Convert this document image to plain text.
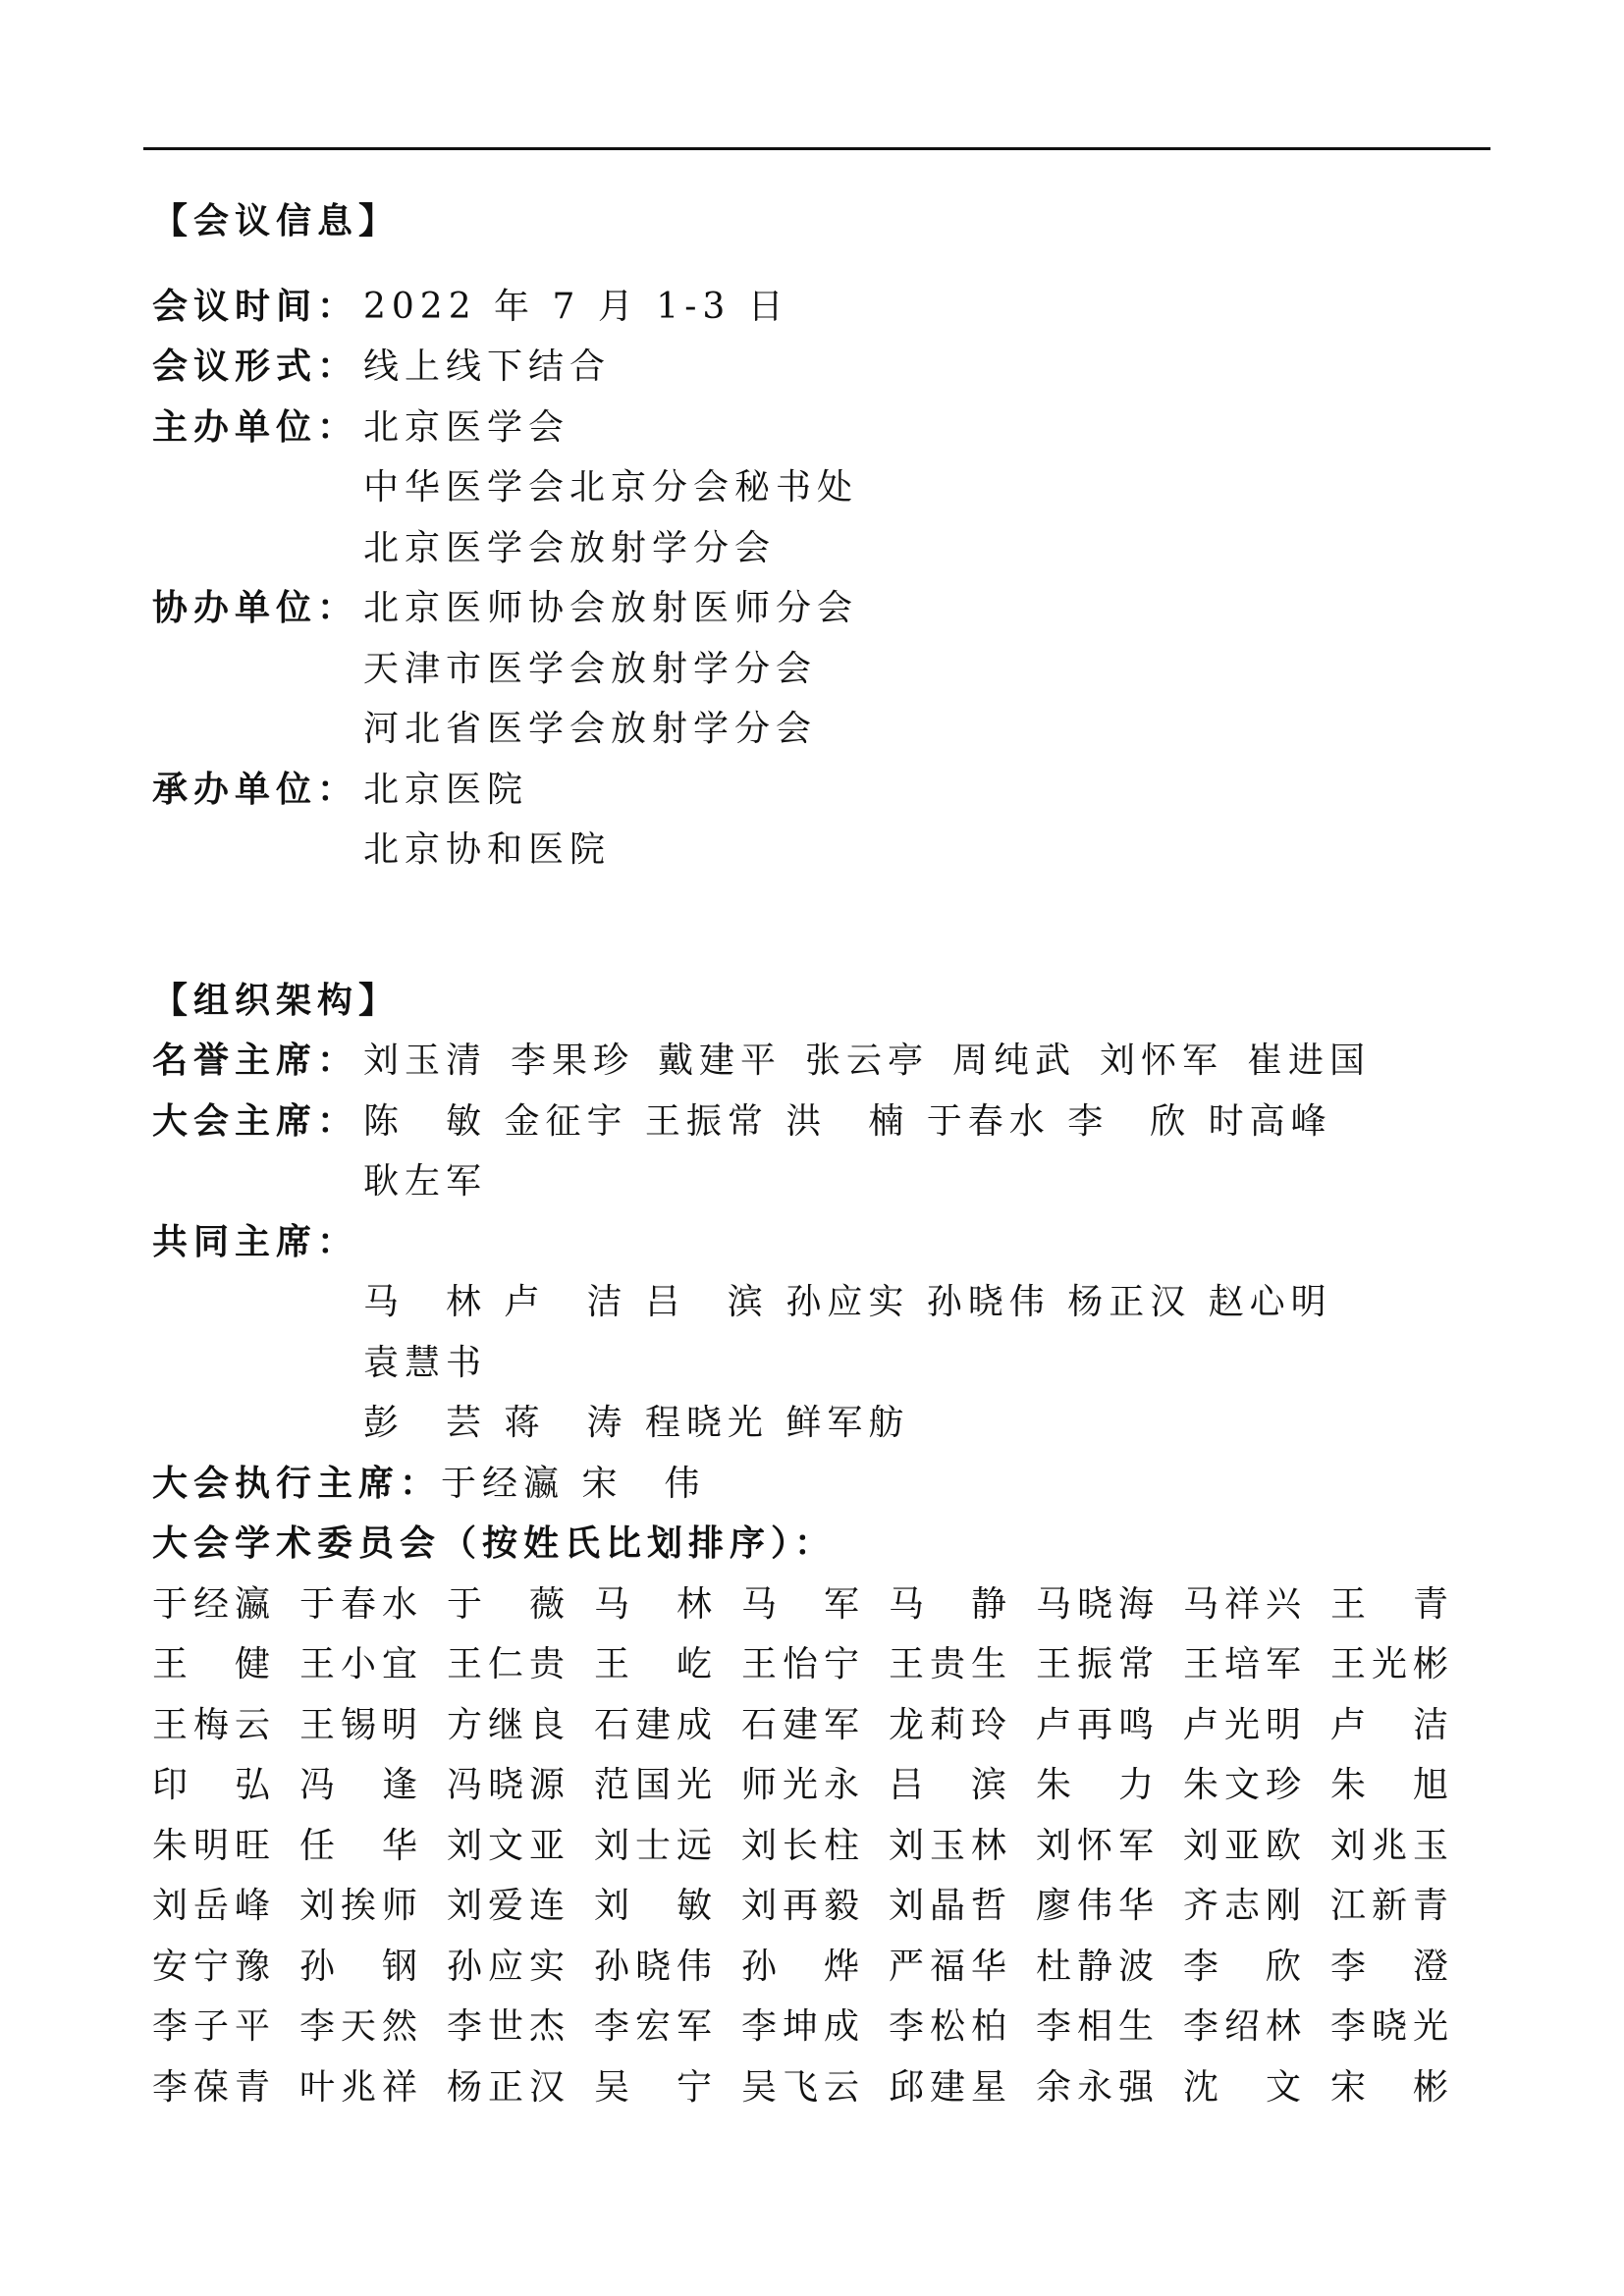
【会议信息】
会议时间： 2022 年 7 月 1-3 日
会议形式： 线上线下结合
主办单位： 北京医学会
中华医学会北京分会秘书处
北京医学会放射学分会
协办单位： 北京医师协会放射医师分会
天津市医学会放射学分会
河北省医学会放射学分会
承办单位： 北京医院
北京协和医院
【组织架构】
名誉主席： 刘玉清 李果珍 戴建平 张云亭 周纯武 刘怀军 崔进国
大会主席： 陈　敏 金征宇 王振常 洪　楠 于春水 李　欣 时高峰
耿左军
共同主席：
马　林 卢　洁 吕　滨 孙应实 孙晓伟 杨正汉 赵心明
袁慧书
彭　芸 蒋　涛 程晓光 鲜军舫
大会执行主席： 于经瀛 宋　伟
大会学术委员会（按姓氏比划排序）：
于经瀛 于春水 于　薇 马　林 马　军 马　静 马晓海 马祥兴 王　青
王　健 王小宜 王仁贵 王　屹 王怡宁 王贵生 王振常 王培军 王光彬
王梅云 王锡明 方继良 石建成 石建军 龙莉玲 卢再鸣 卢光明 卢　洁
印　弘 冯　逢 冯晓源 范国光 师光永 吕　滨 朱　力 朱文珍 朱　旭
朱明旺 任　华 刘文亚 刘士远 刘长柱 刘玉林 刘怀军 刘亚欧 刘兆玉
刘岳峰 刘挨师 刘爱连 刘　敏 刘再毅 刘晶哲 廖伟华 齐志刚 江新青
安宁豫 孙　钢 孙应实 孙晓伟 孙　烨 严福华 杜静波 李　欣 李　澄
李子平 李天然 李世杰 李宏军 李坤成 李松柏 李相生 李绍林 李晓光
李葆青 叶兆祥 杨正汉 吴　宁 吴飞云 邱建星 余永强 沈　文 宋　彬
